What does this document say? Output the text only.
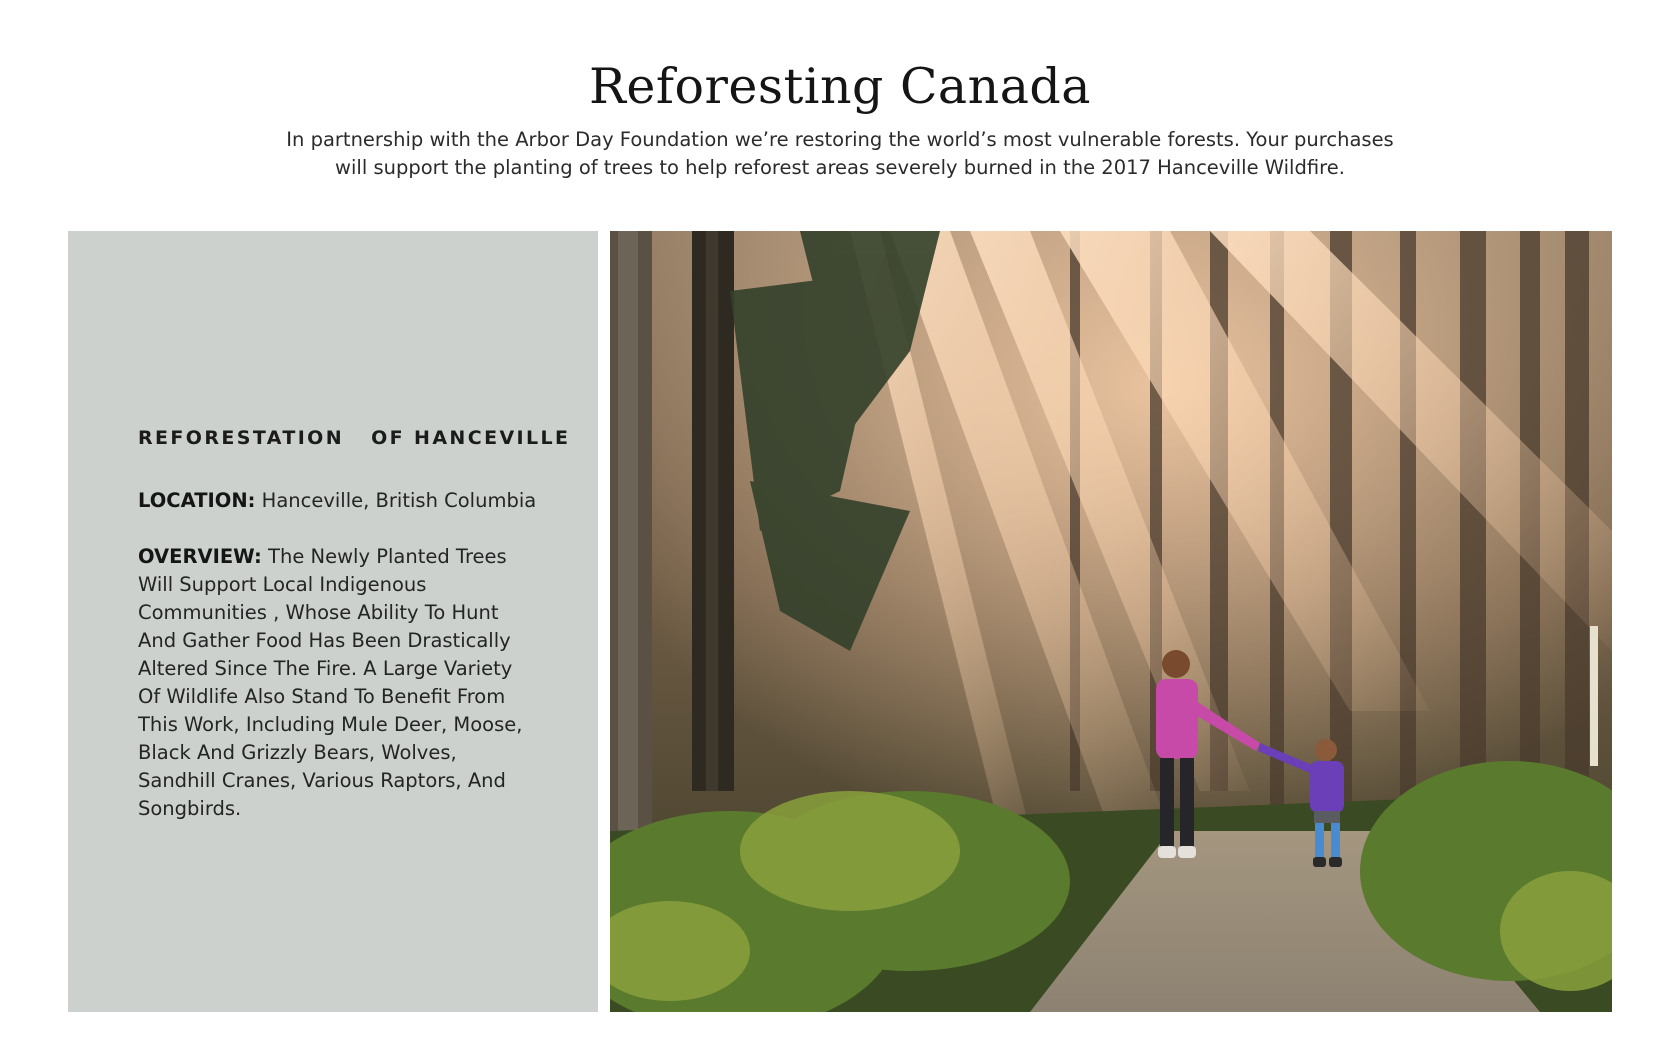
Reforesting Canada

In partnership with the Arbor Day Foundation we’re restoring the world’s most vulnerable forests. Your purchases will support the planting of trees to help reforest areas severely burned in the 2017 Hanceville Wildfire.

REFORESTATION   OF HANCEVILLE

LOCATION: Hanceville, British Columbia

OVERVIEW: The Newly Planted Trees Will Support Local Indigenous Communities , Whose Ability To Hunt And Gather Food Has Been Drastically Altered Since The Fire. A Large Variety Of Wildlife Also Stand To Benefit From This Work, Including Mule Deer, Moose, Black And Grizzly Bears, Wolves, Sandhill Cranes, Various Raptors, And Songbirds.
